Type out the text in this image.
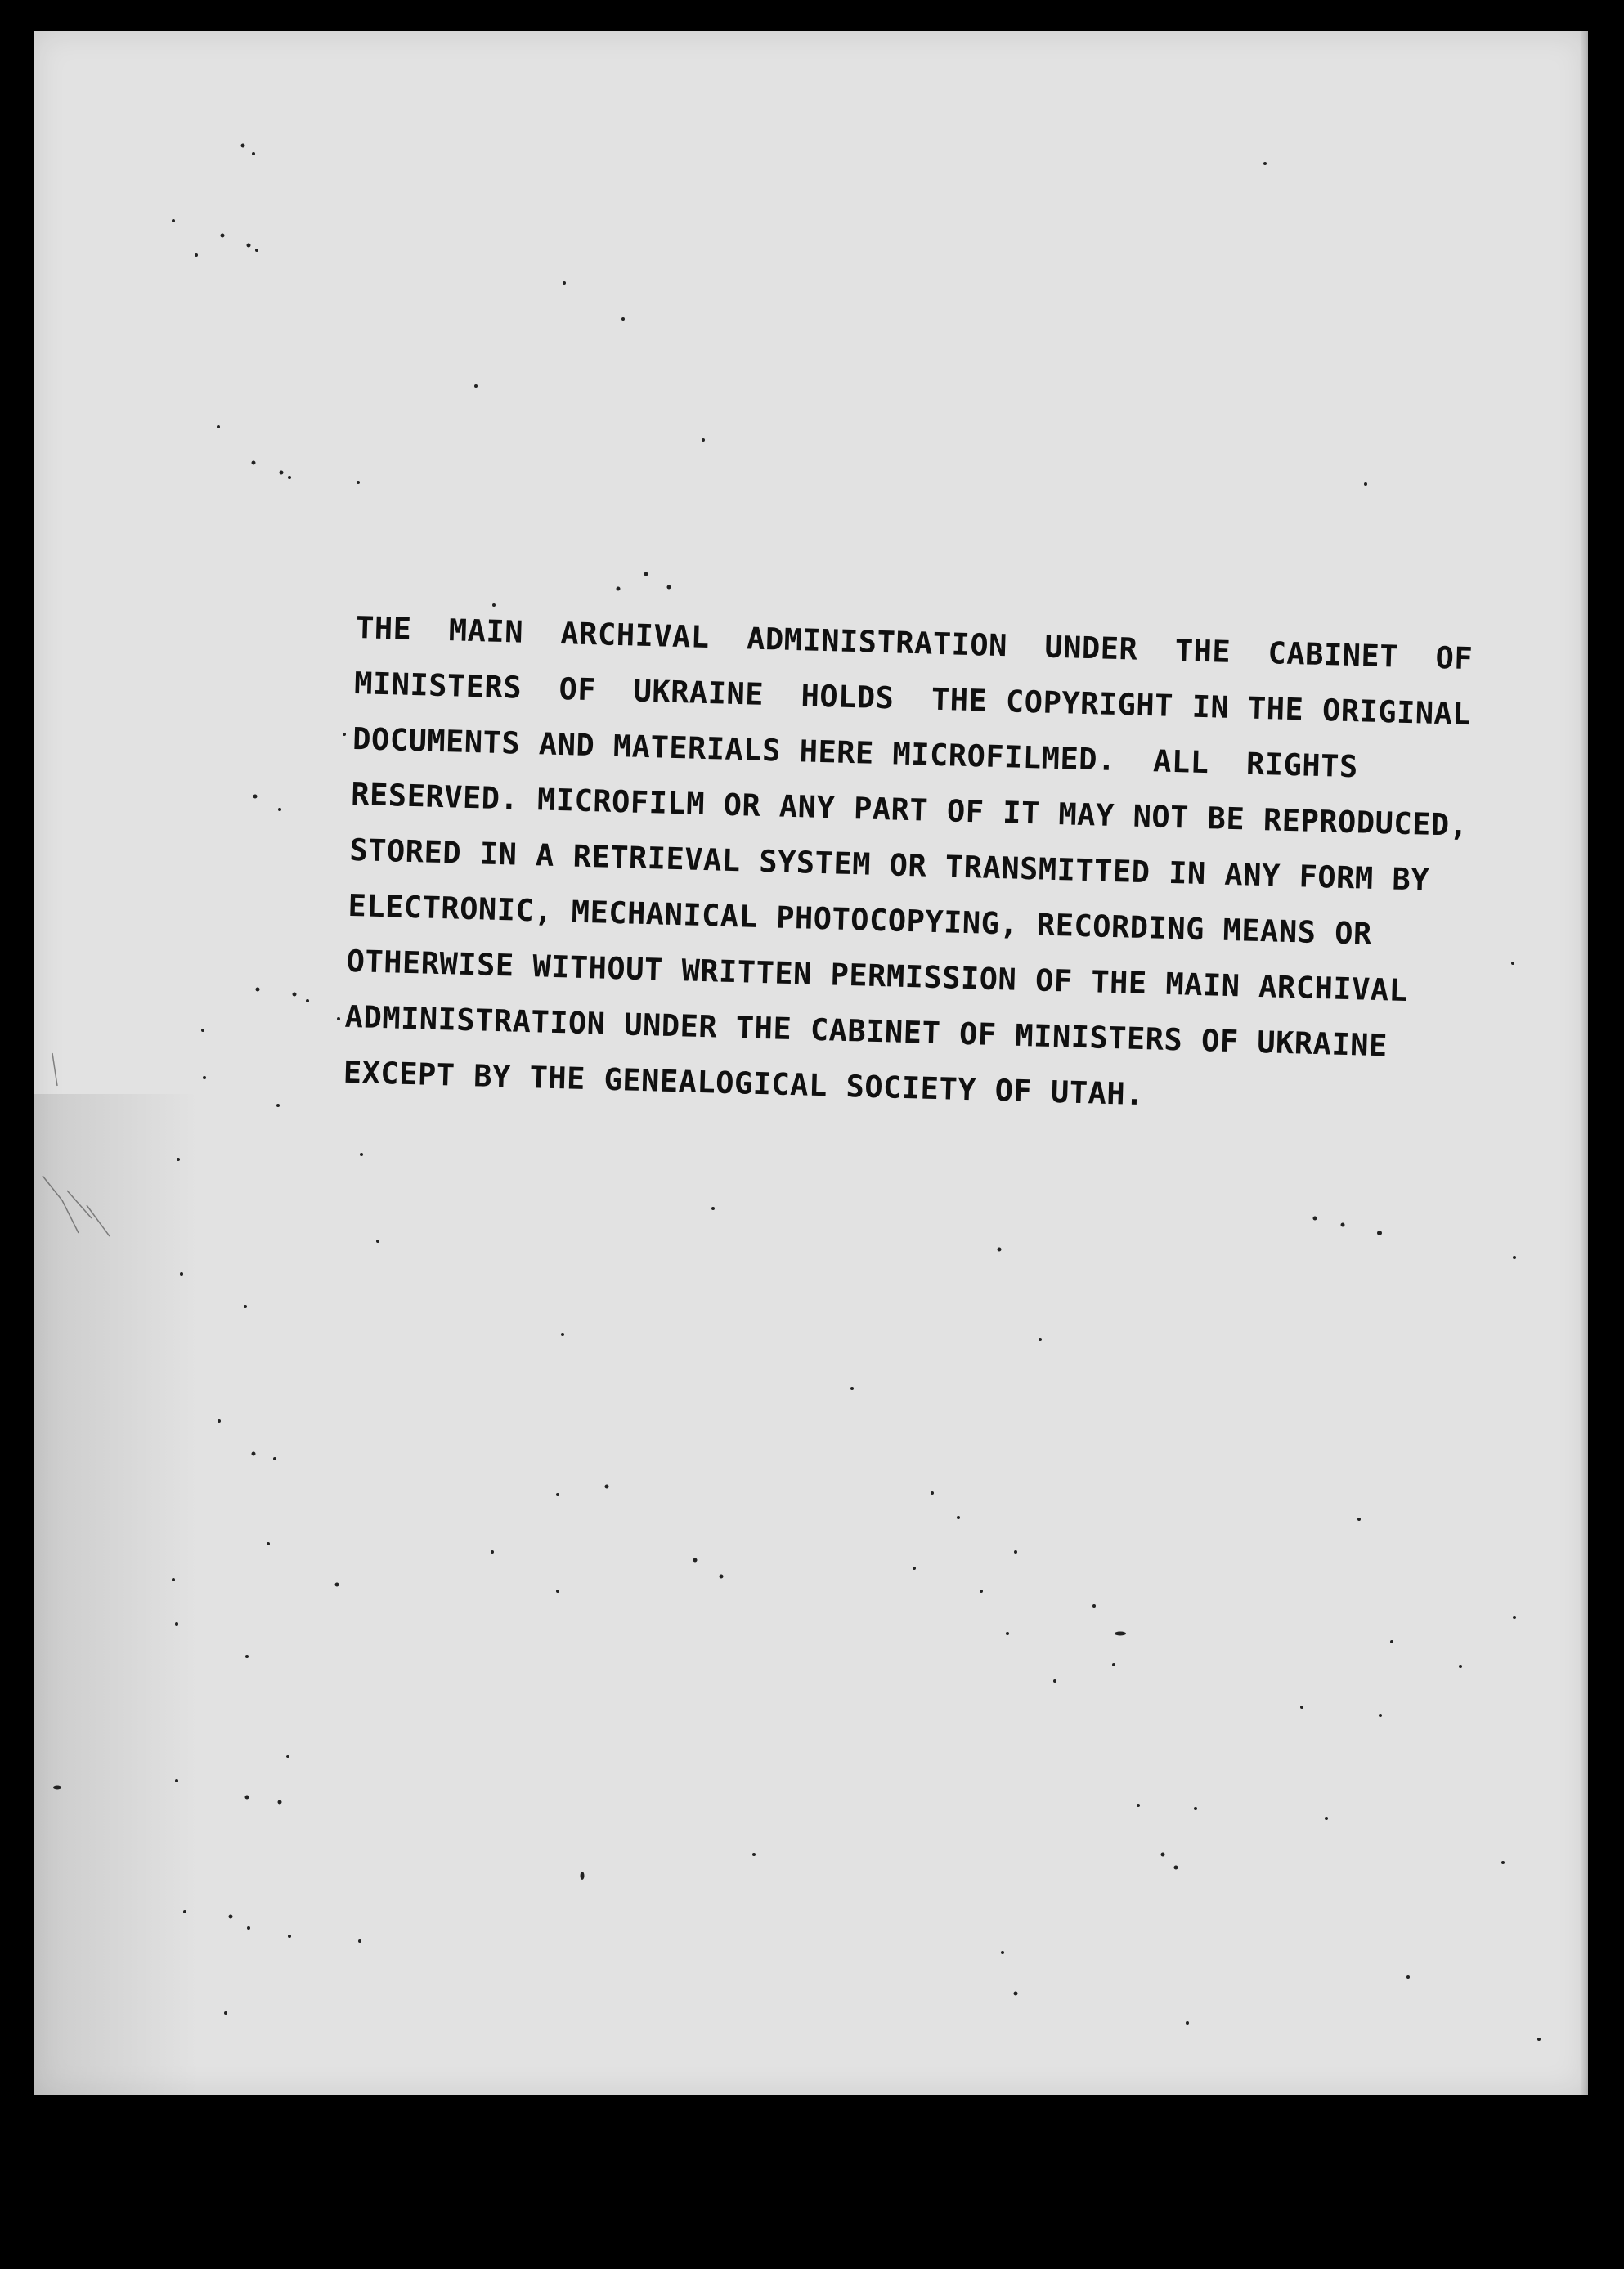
THE  MAIN  ARCHIVAL  ADMINISTRATION  UNDER  THE  CABINET  OF
MINISTERS  OF  UKRAINE  HOLDS  THE COPYRIGHT IN THE ORIGINAL
DOCUMENTS AND MATERIALS HERE MICROFILMED.  ALL  RIGHTS
RESERVED. MICROFILM OR ANY PART OF IT MAY NOT BE REPRODUCED,
STORED IN A RETRIEVAL SYSTEM OR TRANSMITTED IN ANY FORM BY
ELECTRONIC, MECHANICAL PHOTOCOPYING, RECORDING MEANS OR
OTHERWISE WITHOUT WRITTEN PERMISSION OF THE MAIN ARCHIVAL
ADMINISTRATION UNDER THE CABINET OF MINISTERS OF UKRAINE
EXCEPT BY THE GENEALOGICAL SOCIETY OF UTAH.
